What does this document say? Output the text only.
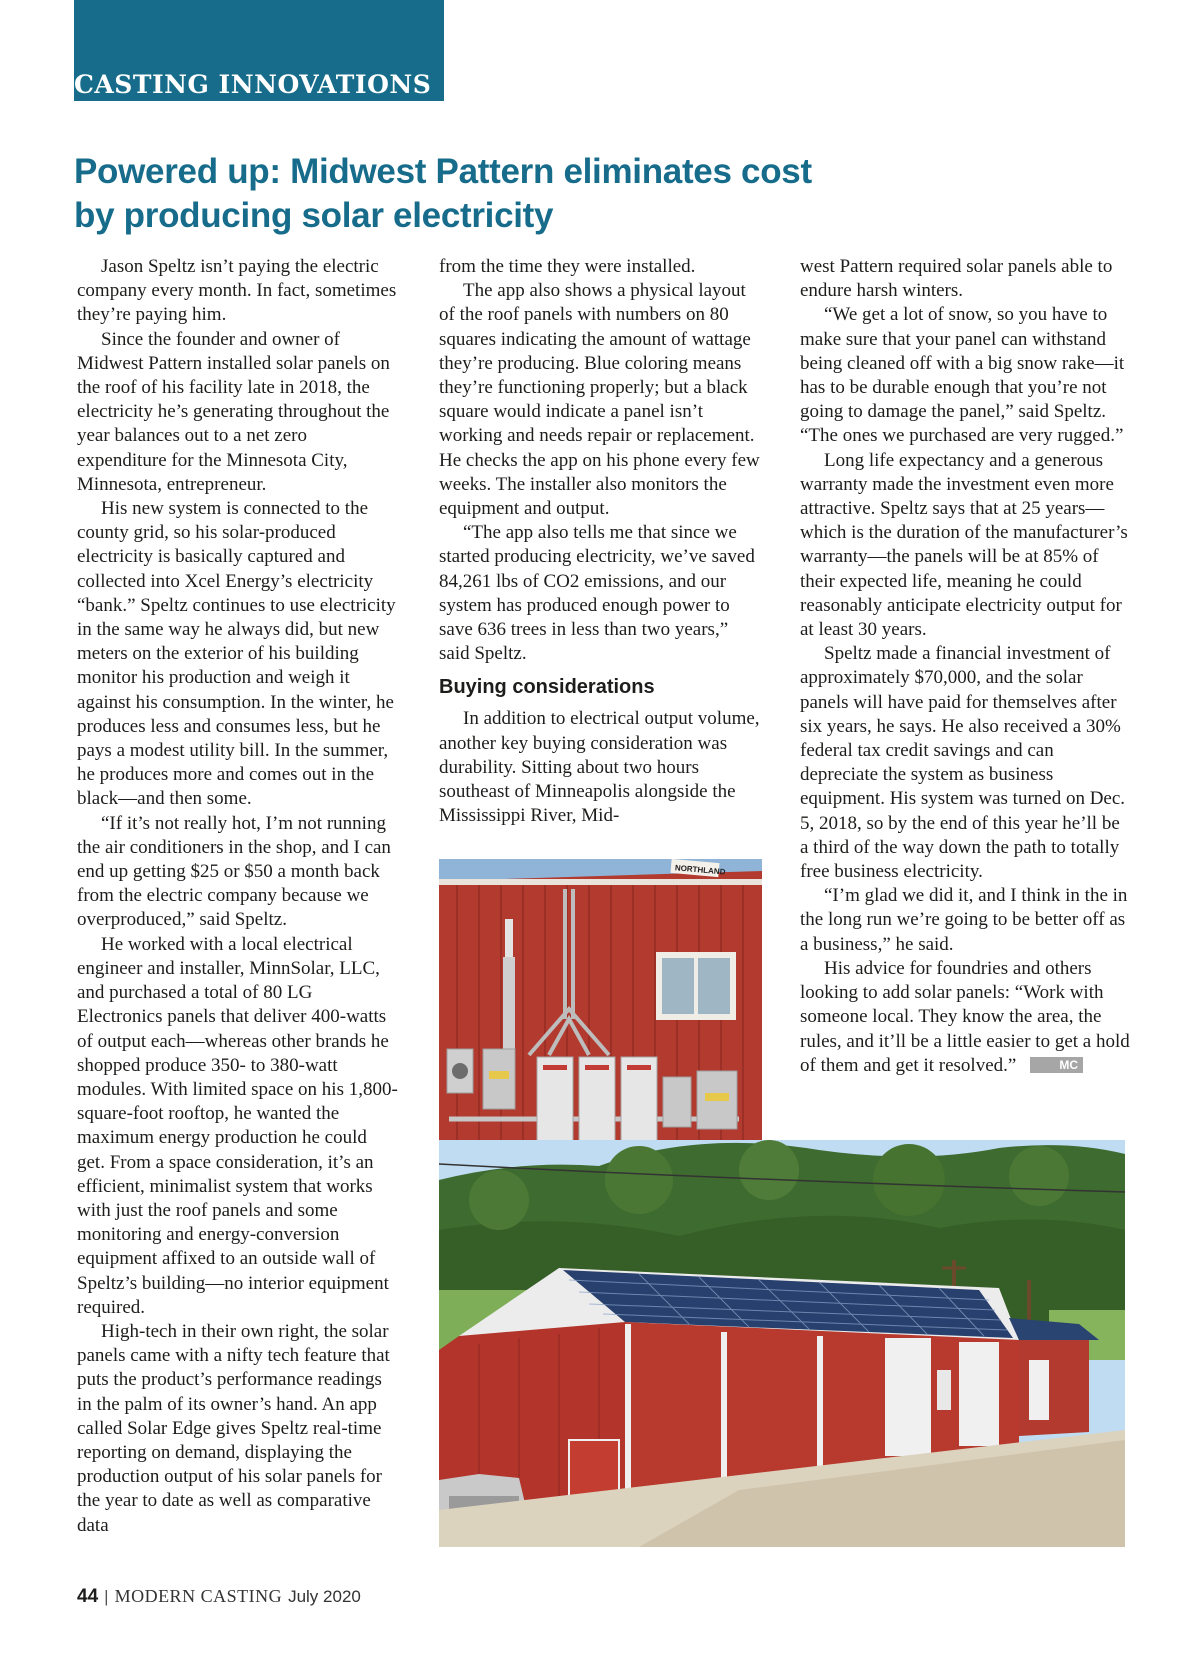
CASTING INNOVATIONS
Powered up: Midwest Pattern eliminates cost by producing solar electricity

Jason Speltz isn’t paying the electric company every month. In fact, sometimes they’re paying him.

Since the founder and owner of Midwest Pattern installed solar panels on the roof of his facility late in 2018, the electricity he’s generating throughout the year balances out to a net zero expenditure for the Minnesota City, Minnesota, entrepreneur.

His new system is connected to the county grid, so his solar-produced electricity is basically captured and collected into Xcel Energy’s electricity “bank.” Speltz continues to use electricity in the same way he always did, but new meters on the exterior of his building monitor his production and weigh it against his consumption. In the winter, he produces less and consumes less, but he pays a modest utility bill. In the summer, he produces more and comes out in the black—and then some.

“If it’s not really hot, I’m not running the air conditioners in the shop, and I can end up getting $25 or $50 a month back from the electric company because we overproduced,” said Speltz.

He worked with a local electrical engineer and installer, MinnSolar, LLC, and purchased a total of 80 LG Electronics panels that deliver 400-watts of output each—whereas other brands he shopped produce 350- to 380-watt modules. With limited space on his 1,800-square-foot rooftop, he wanted the maximum energy production he could get. From a space consideration, it’s an efficient, minimalist system that works with just the roof panels and some monitoring and energy-conversion equipment affixed to an outside wall of Speltz’s building—no interior equipment required.

High-tech in their own right, the solar panels came with a nifty tech feature that puts the product’s performance readings in the palm of its owner’s hand. An app called Solar Edge gives Speltz real-time reporting on demand, displaying the production output of his solar panels for the year to date as well as comparative data

from the time they were installed.

The app also shows a physical layout of the roof panels with numbers on 80 squares indicating the amount of wattage they’re producing. Blue coloring means they’re functioning properly; but a black square would indicate a panel isn’t working and needs repair or replacement. He checks the app on his phone every few weeks. The installer also monitors the equipment and output.

“The app also tells me that since we started producing electricity, we’ve saved 84,261 lbs of CO2 emissions, and our system has produced enough power to save 636 trees in less than two years,” said Speltz.

Buying considerations

In addition to electrical output volume, another key buying consideration was durability. Sitting about two hours southeast of Minneapolis alongside the Mississippi River, Mid-

west Pattern required solar panels able to endure harsh winters.

“We get a lot of snow, so you have to make sure that your panel can withstand being cleaned off with a big snow rake—it has to be durable enough that you’re not going to damage the panel,” said Speltz. “The ones we purchased are very rugged.”

Long life expectancy and a generous warranty made the investment even more attractive. Speltz says that at 25 years—which is the duration of the manufacturer’s warranty—the panels will be at 85% of their expected life, meaning he could reasonably anticipate electricity output for at least 30 years.

Speltz made a financial investment of approximately $70,000, and the solar panels will have paid for themselves after six years, he says. He also received a 30% federal tax credit savings and can depreciate the system as business equipment. His system was turned on Dec. 5, 2018, so by the end of this year he’ll be a third of the way down the path to totally free business electricity.

“I’m glad we did it, and I think in the in the long run we’re going to be better off as a business,” he said.

His advice for foundries and others looking to add solar panels: “Work with someone local. They know the area, the rules, and it’ll be a little easier to get a hold of them and get it resolved.”	MC

NORTHLAND
44 | MODERN CASTING July 2020
